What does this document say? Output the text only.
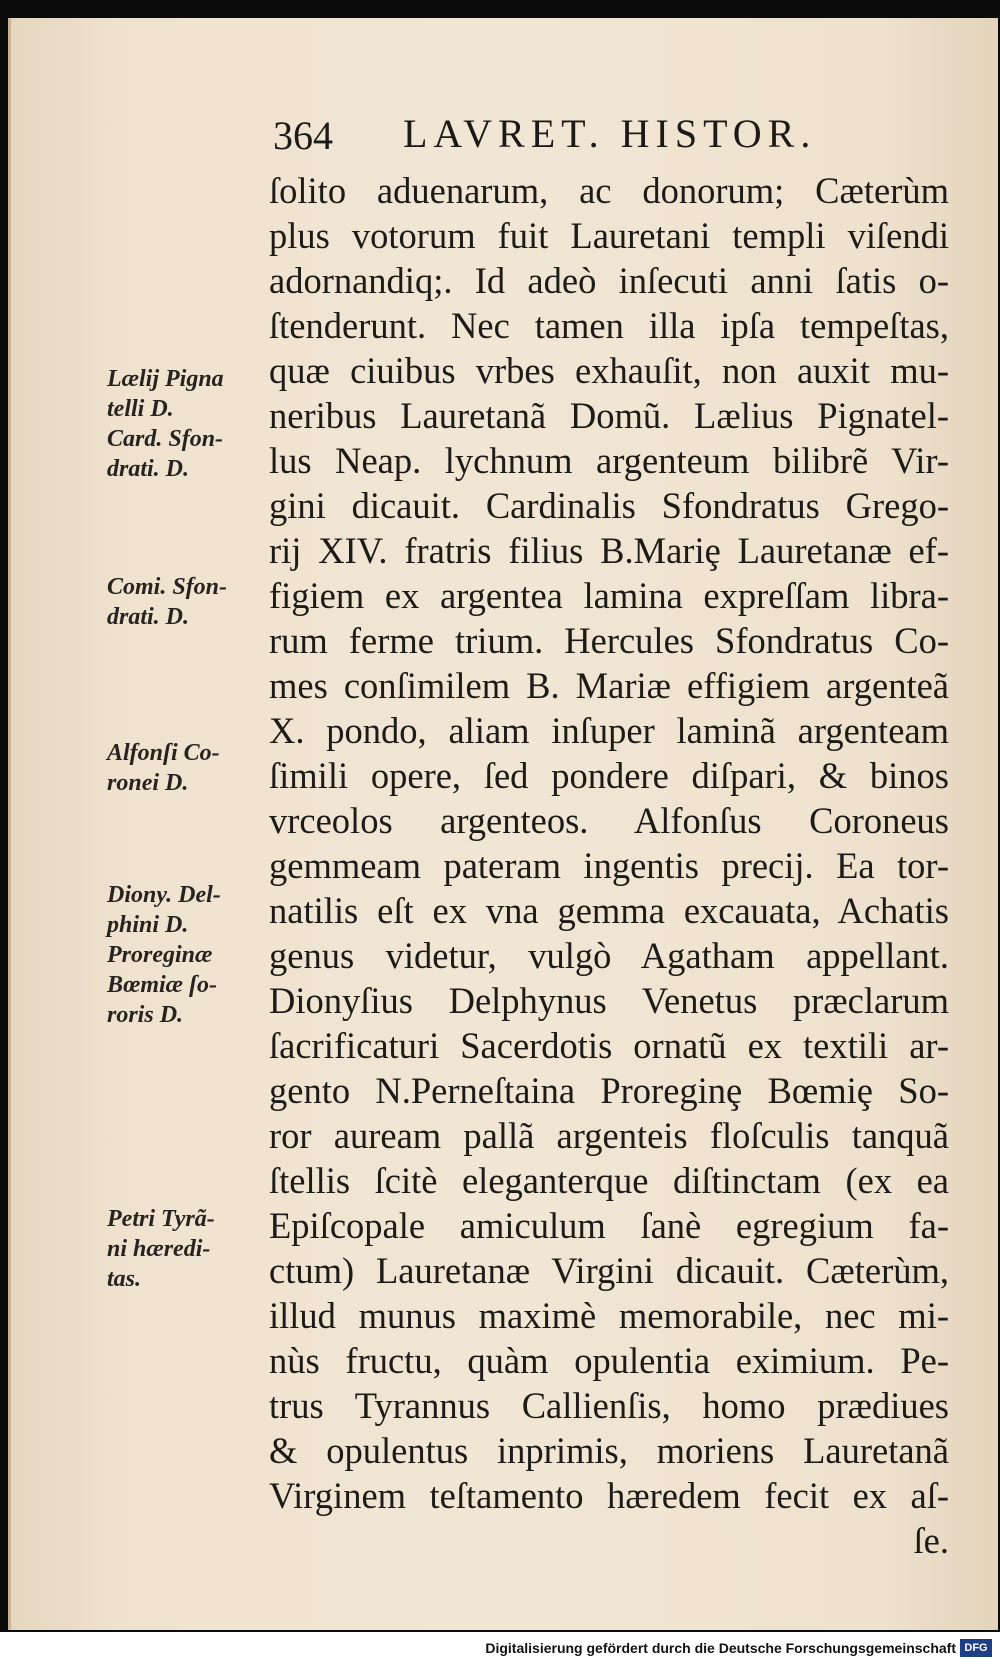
364 LAVRET. HISTOR.
ſolito aduenarum, ac donorum; Cæterùm
plus votorum fuit Lauretani templi viſendi
adornandiq;. Id adeò inſecuti anni ſatis o-
ſtenderunt. Nec tamen illa ipſa tempeſtas,
quæ ciuibus vrbes exhauſit, non auxit mu-
neribus Lauretanã Domũ. Lælius Pignatel-
lus Neap. lychnum argenteum bilibrẽ Vir-
gini dicauit. Cardinalis Sfondratus Grego-
rij XIV. fratris filius B.Mariȩ Lauretanæ ef-
figiem ex argentea lamina expreſſam libra-
rum ferme trium. Hercules Sfondratus Co-
mes conſimilem B. Mariæ effigiem argenteã
X. pondo, aliam inſuper laminã argenteam
ſimili opere, ſed pondere diſpari, & binos
vrceolos argenteos. Alfonſus Coroneus
gemmeam pateram ingentis precij. Ea tor-
natilis eſt ex vna gemma excauata, Achatis
genus videtur, vulgò Agatham appellant.
Dionyſius Delphynus Venetus præclarum
ſacrificaturi Sacerdotis ornatũ ex textili ar-
gento N.Perneſtaina Proreginȩ Bœmiȩ So-
ror auream pallã argenteis floſculis tanquã
ſtellis ſcitè eleganterque diſtinctam (ex ea
Epiſcopale amiculum ſanè egregium fa-
ctum) Lauretanæ Virgini dicauit. Cæterùm,
illud munus maximè memorabile, nec mi-
nùs fructu, quàm opulentia eximium. Pe-
trus Tyrannus Callienſis, homo prædiues
& opulentus inprimis, moriens Lauretanã
Virginem teſtamento hæredem fecit ex aſ-
ſe.
Lælij Pigna
telli D.
Card. Sfon-
drati. D.
Comi. Sfon-
drati. D.
Alfonſi Co-
ronei D.
Diony. Del-
phini D.
Proreginæ
Bœmiæ ſo-
roris D.
Petri Tyrã-
ni hæredi-
tas.
Digitalisierung gefördert durch die Deutsche Forschungsgemeinschaft DFG
